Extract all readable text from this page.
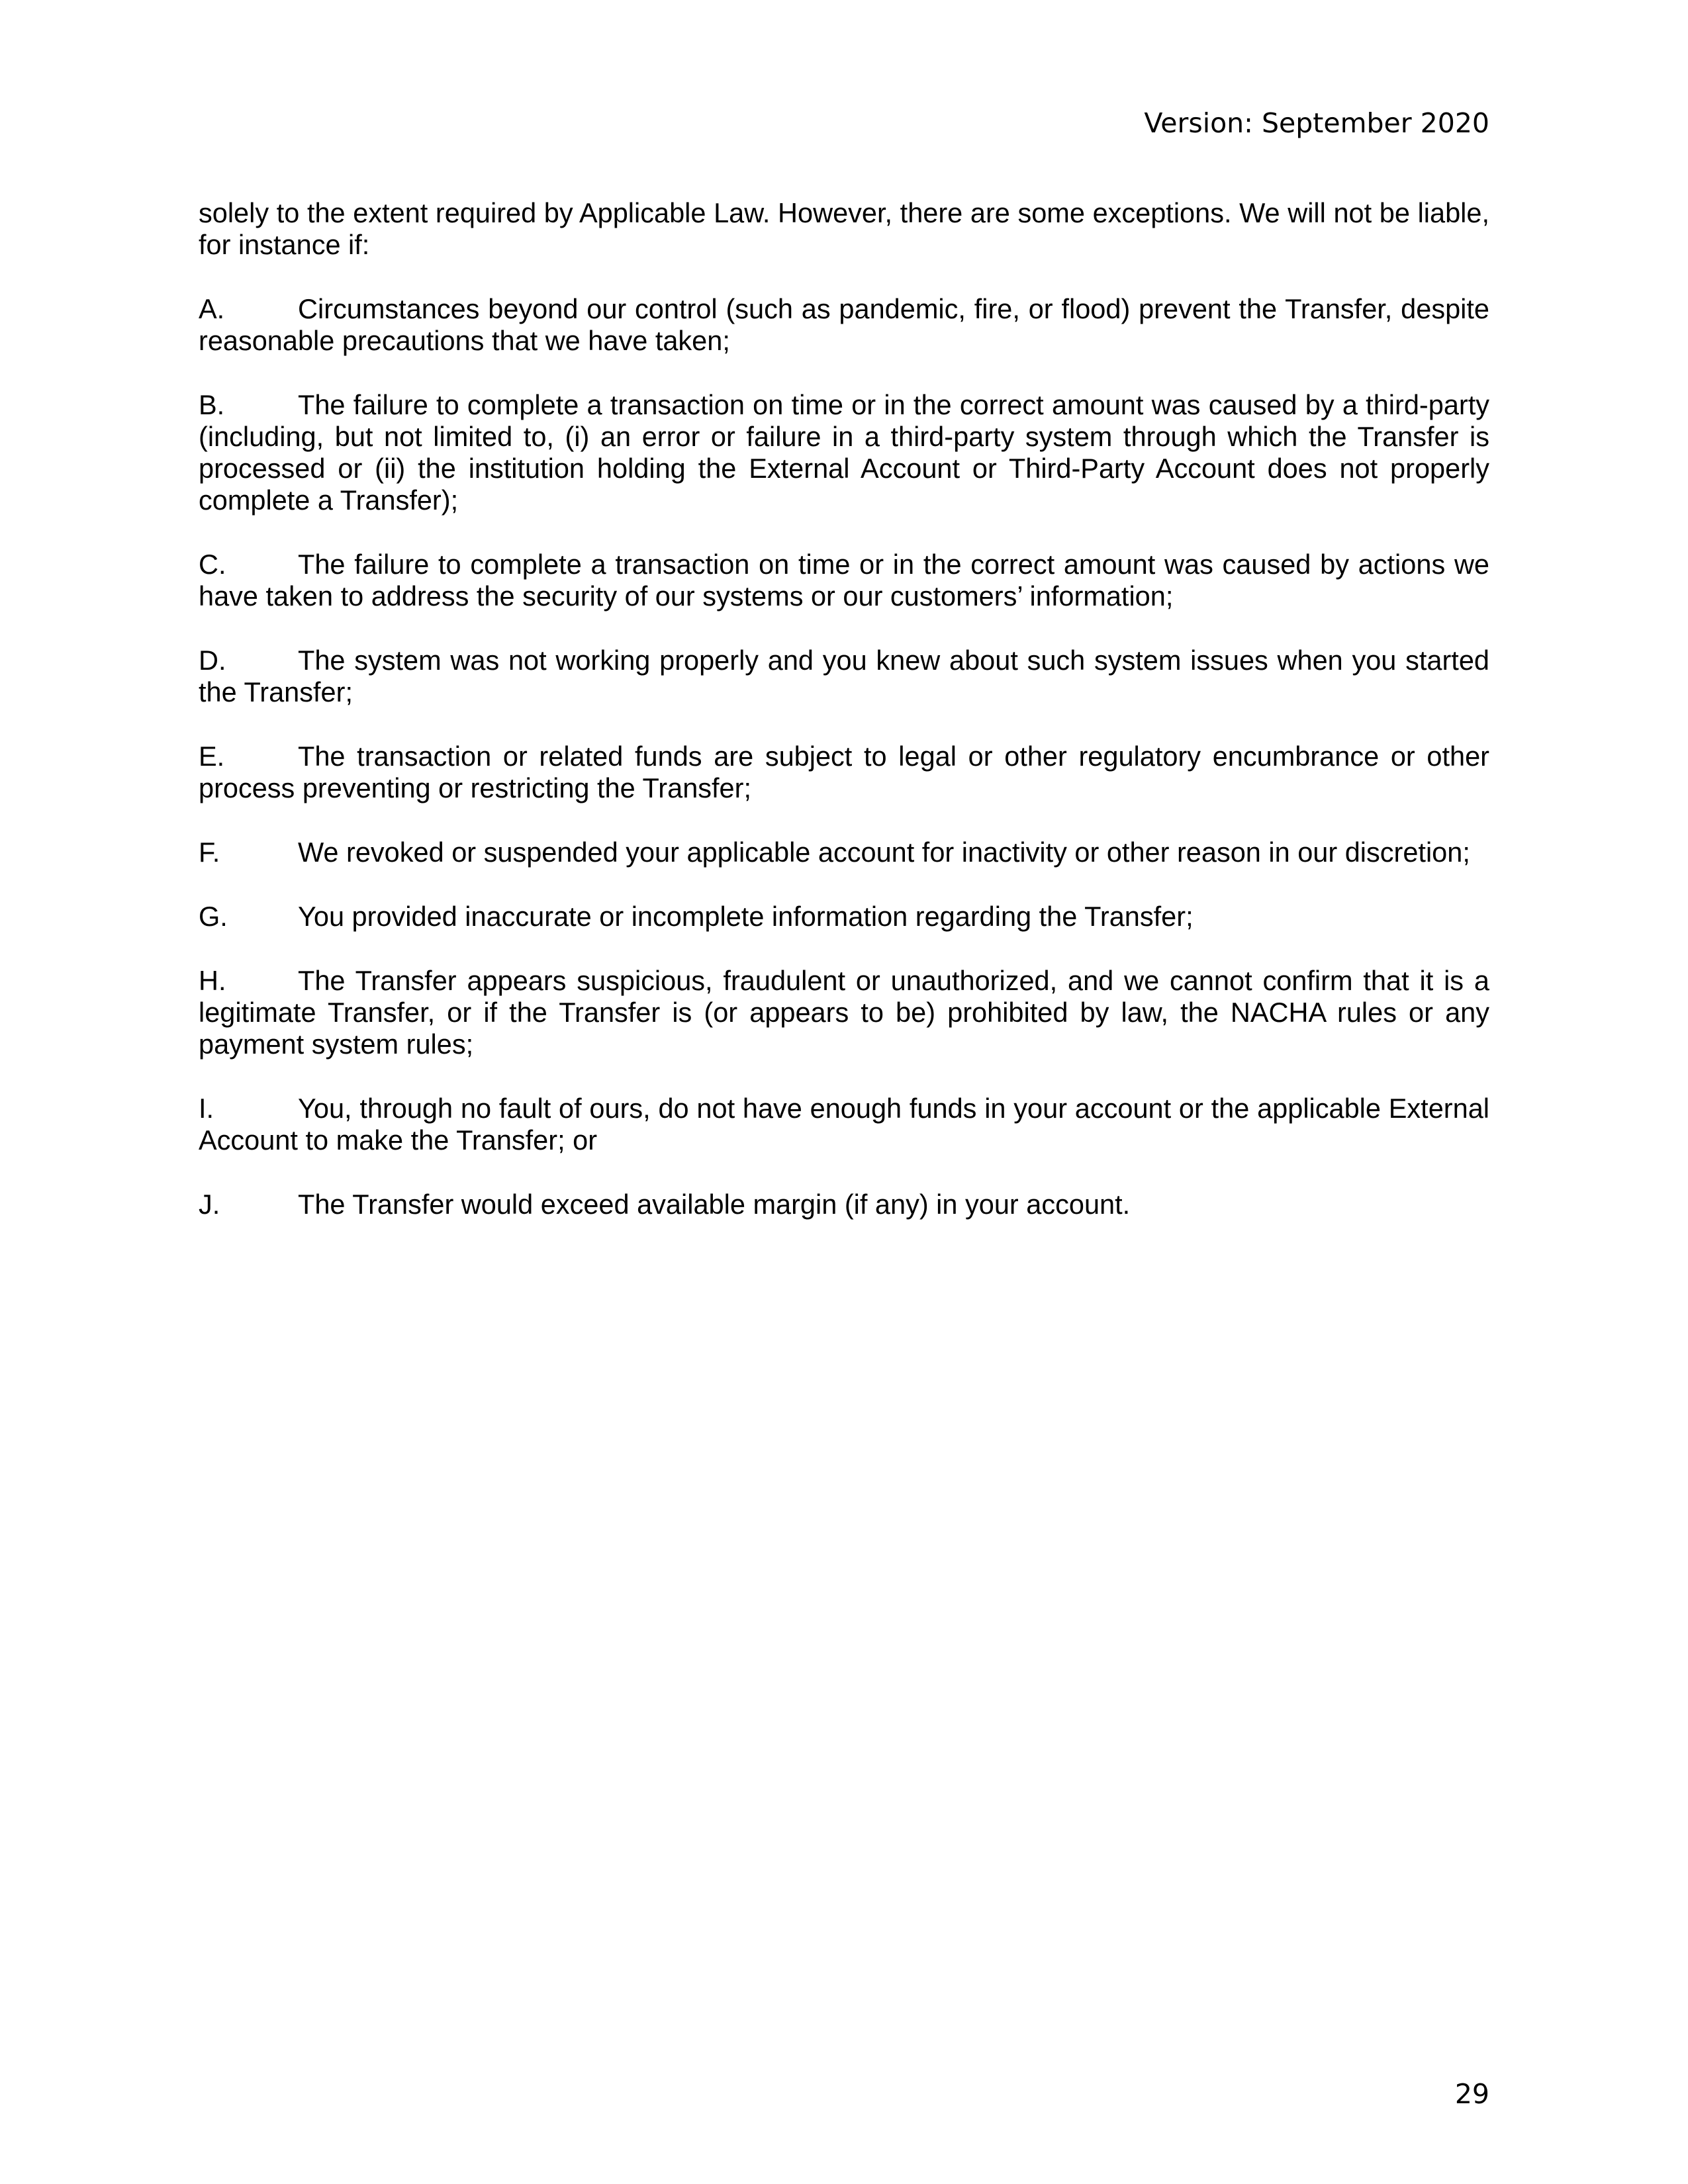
Version: September 2020

solely to the extent required by Applicable Law. However, there are some exceptions. We will not be liable, for instance if:

A.	Circumstances beyond our control (such as pandemic, fire, or flood) prevent the Transfer, despite reasonable precautions that we have taken;

B.	The failure to complete a transaction on time or in the correct amount was caused by a third-party (including, but not limited to, (i) an error or failure in a third-party system through which the Transfer is processed or (ii) the institution holding the External Account or Third-Party Account does not properly complete a Transfer);

C.	The failure to complete a transaction on time or in the correct amount was caused by actions we have taken to address the security of our systems or our customers’ information;

D.	The system was not working properly and you knew about such system issues when you started the Transfer;

E.	The transaction or related funds are subject to legal or other regulatory encumbrance or other process preventing or restricting the Transfer;

F.	We revoked or suspended your applicable account for inactivity or other reason in our discretion;

G.	You provided inaccurate or incomplete information regarding the Transfer;

H.	The Transfer appears suspicious, fraudulent or unauthorized, and we cannot confirm that it is a legitimate Transfer, or if the Transfer is (or appears to be) prohibited by law, the NACHA rules or any payment system rules;

I.	You, through no fault of ours, do not have enough funds in your account or the applicable External Account to make the Transfer; or

J.	The Transfer would exceed available margin (if any) in your account.

29
